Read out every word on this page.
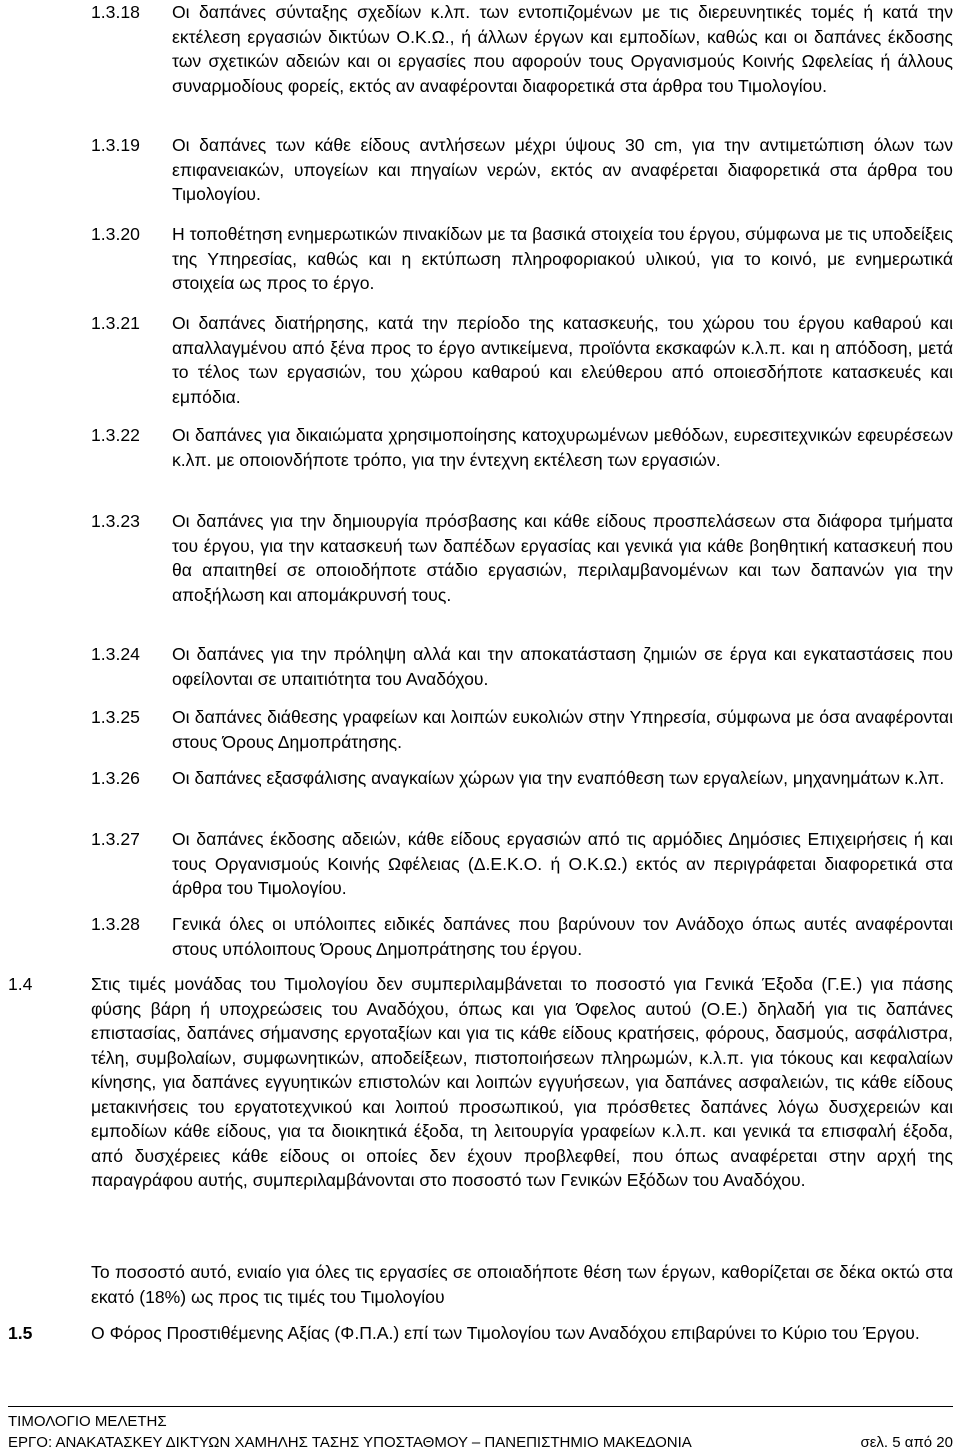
1.3.18 Οι δαπάνες σύνταξης σχεδίων κ.λπ. των εντοπιζομένων με τις διερευνητικές τομές ή κατά την εκτέλεση εργασιών δικτύων Ο.Κ.Ω., ή άλλων έργων και εμποδίων, καθώς και οι δαπάνες έκδοσης των σχετικών αδειών και οι εργασίες που αφορούν τους Οργανισμούς Κοινής Ωφελείας ή άλλους συναρμοδίους φορείς, εκτός αν αναφέρονται διαφορετικά στα άρθρα του Τιμολογίου.
1.3.19 Οι δαπάνες των κάθε είδους αντλήσεων μέχρι ύψους 30 cm, για την αντιμετώπιση όλων των επιφανειακών, υπογείων και πηγαίων νερών, εκτός αν αναφέρεται διαφορετικά στα άρθρα του Τιμολογίου.
1.3.20 Η τοποθέτηση ενημερωτικών πινακίδων με τα βασικά στοιχεία του έργου, σύμφωνα με τις υποδείξεις της Υπηρεσίας, καθώς και η εκτύπωση πληροφοριακού υλικού, για το κοινό, με ενημερωτικά στοιχεία ως προς το έργο.
1.3.21 Οι δαπάνες διατήρησης, κατά την περίοδο της κατασκευής, του χώρου του έργου καθαρού και απαλλαγμένου από ξένα προς το έργο αντικείμενα, προϊόντα εκσκαφών κ.λ.π. και η απόδοση, μετά το τέλος των εργασιών, του χώρου καθαρού και ελεύθερου από οποιεσδήποτε κατασκευές και εμπόδια.
1.3.22 Οι δαπάνες για δικαιώματα χρησιμοποίησης κατοχυρωμένων μεθόδων, ευρεσιτεχνικών εφευρέσεων κ.λπ. με οποιονδήποτε τρόπο, για την έντεχνη εκτέλεση των εργασιών.
1.3.23 Οι δαπάνες για την δημιουργία πρόσβασης και κάθε είδους προσπελάσεων στα διάφορα τμήματα του έργου, για την κατασκευή των δαπέδων εργασίας και γενικά για κάθε βοηθητική κατασκευή που θα απαιτηθεί σε οποιοδήποτε στάδιο εργασιών, περιλαμβανομένων και των δαπανών για την αποξήλωση και απομάκρυνσή τους.
1.3.24 Οι δαπάνες για την πρόληψη αλλά και την αποκατάσταση ζημιών σε έργα και εγκαταστάσεις που οφείλονται σε υπαιτιότητα του Αναδόχου.
1.3.25 Οι δαπάνες διάθεσης γραφείων και λοιπών ευκολιών στην Υπηρεσία, σύμφωνα με όσα αναφέρονται στους Όρους Δημοπράτησης.
1.3.26 Οι δαπάνες εξασφάλισης αναγκαίων χώρων για την εναπόθεση των εργαλείων, μηχανημάτων κ.λπ.
1.3.27 Οι δαπάνες έκδοσης αδειών, κάθε είδους εργασιών από τις αρμόδιες Δημόσιες Επιχειρήσεις ή και τους Οργανισμούς Κοινής Ωφέλειας (Δ.Ε.Κ.Ο. ή Ο.Κ.Ω.) εκτός αν περιγράφεται διαφορετικά στα άρθρα του Τιμολογίου.
1.3.28 Γενικά όλες οι υπόλοιπες ειδικές δαπάνες που βαρύνουν τον Ανάδοχο όπως αυτές αναφέρονται στους υπόλοιπους Όρους Δημοπράτησης του έργου.
1.4	Στις τιμές μονάδας του Τιμολογίου δεν συμπεριλαμβάνεται το ποσοστό για Γενικά Έξοδα (Γ.Ε.) για πάσης φύσης βάρη ή υποχρεώσεις του Αναδόχου, όπως και για Όφελος αυτού (Ο.Ε.) δηλαδή για τις δαπάνες επιστασίας, δαπάνες σήμανσης εργοταξίων και για τις κάθε είδους κρατήσεις, φόρους, δασμούς, ασφάλιστρα, τέλη, συμβολαίων, συμφωνητικών, αποδείξεων, πιστοποιήσεων πληρωμών, κ.λ.π. για τόκους και κεφαλαίων κίνησης, για δαπάνες εγγυητικών επιστολών και λοιπών εγγυήσεων, για δαπάνες ασφαλειών, τις κάθε είδους μετακινήσεις του εργατοτεχνικού και λοιπού προσωπικού, για πρόσθετες δαπάνες λόγω δυσχερειών και εμποδίων κάθε είδους, για τα διοικητικά έξοδα, τη λειτουργία γραφείων κ.λ.π. και γενικά τα επισφαλή έξοδα, από δυσχέρειες κάθε είδους οι οποίες δεν έχουν προβλεφθεί, που όπως αναφέρεται στην αρχή της παραγράφου αυτής, συμπεριλαμβάνονται στο ποσοστό των Γενικών Εξόδων του Αναδόχου.
Το ποσοστό αυτό, ενιαίο για όλες τις εργασίες σε οποιαδήποτε θέση των έργων, καθορίζεται σε δέκα οκτώ στα εκατό (18%) ως προς τις τιμές του Τιμολογίου
1.5	Ο Φόρος Προστιθέμενης Αξίας (Φ.Π.Α.) επί των Τιμολογίου των Αναδόχου επιβαρύνει το Κύριο του Έργου.
ΤΙΜΟΛΟΓΙΟ ΜΕΛΕΤΗΣ
ΕΡΓΟ: ΑΝΑΚΑΤΑΣΚΕΥ ΔΙΚΤΥΩΝ ΧΑΜΗΛΗΣ ΤΑΣΗΣ ΥΠΟΣΤΑΘΜΟΥ – ΠΑΝΕΠΙΣΤΗΜΙΟ ΜΑΚΕΔΟΝΙΑ	σελ. 5 από 20
